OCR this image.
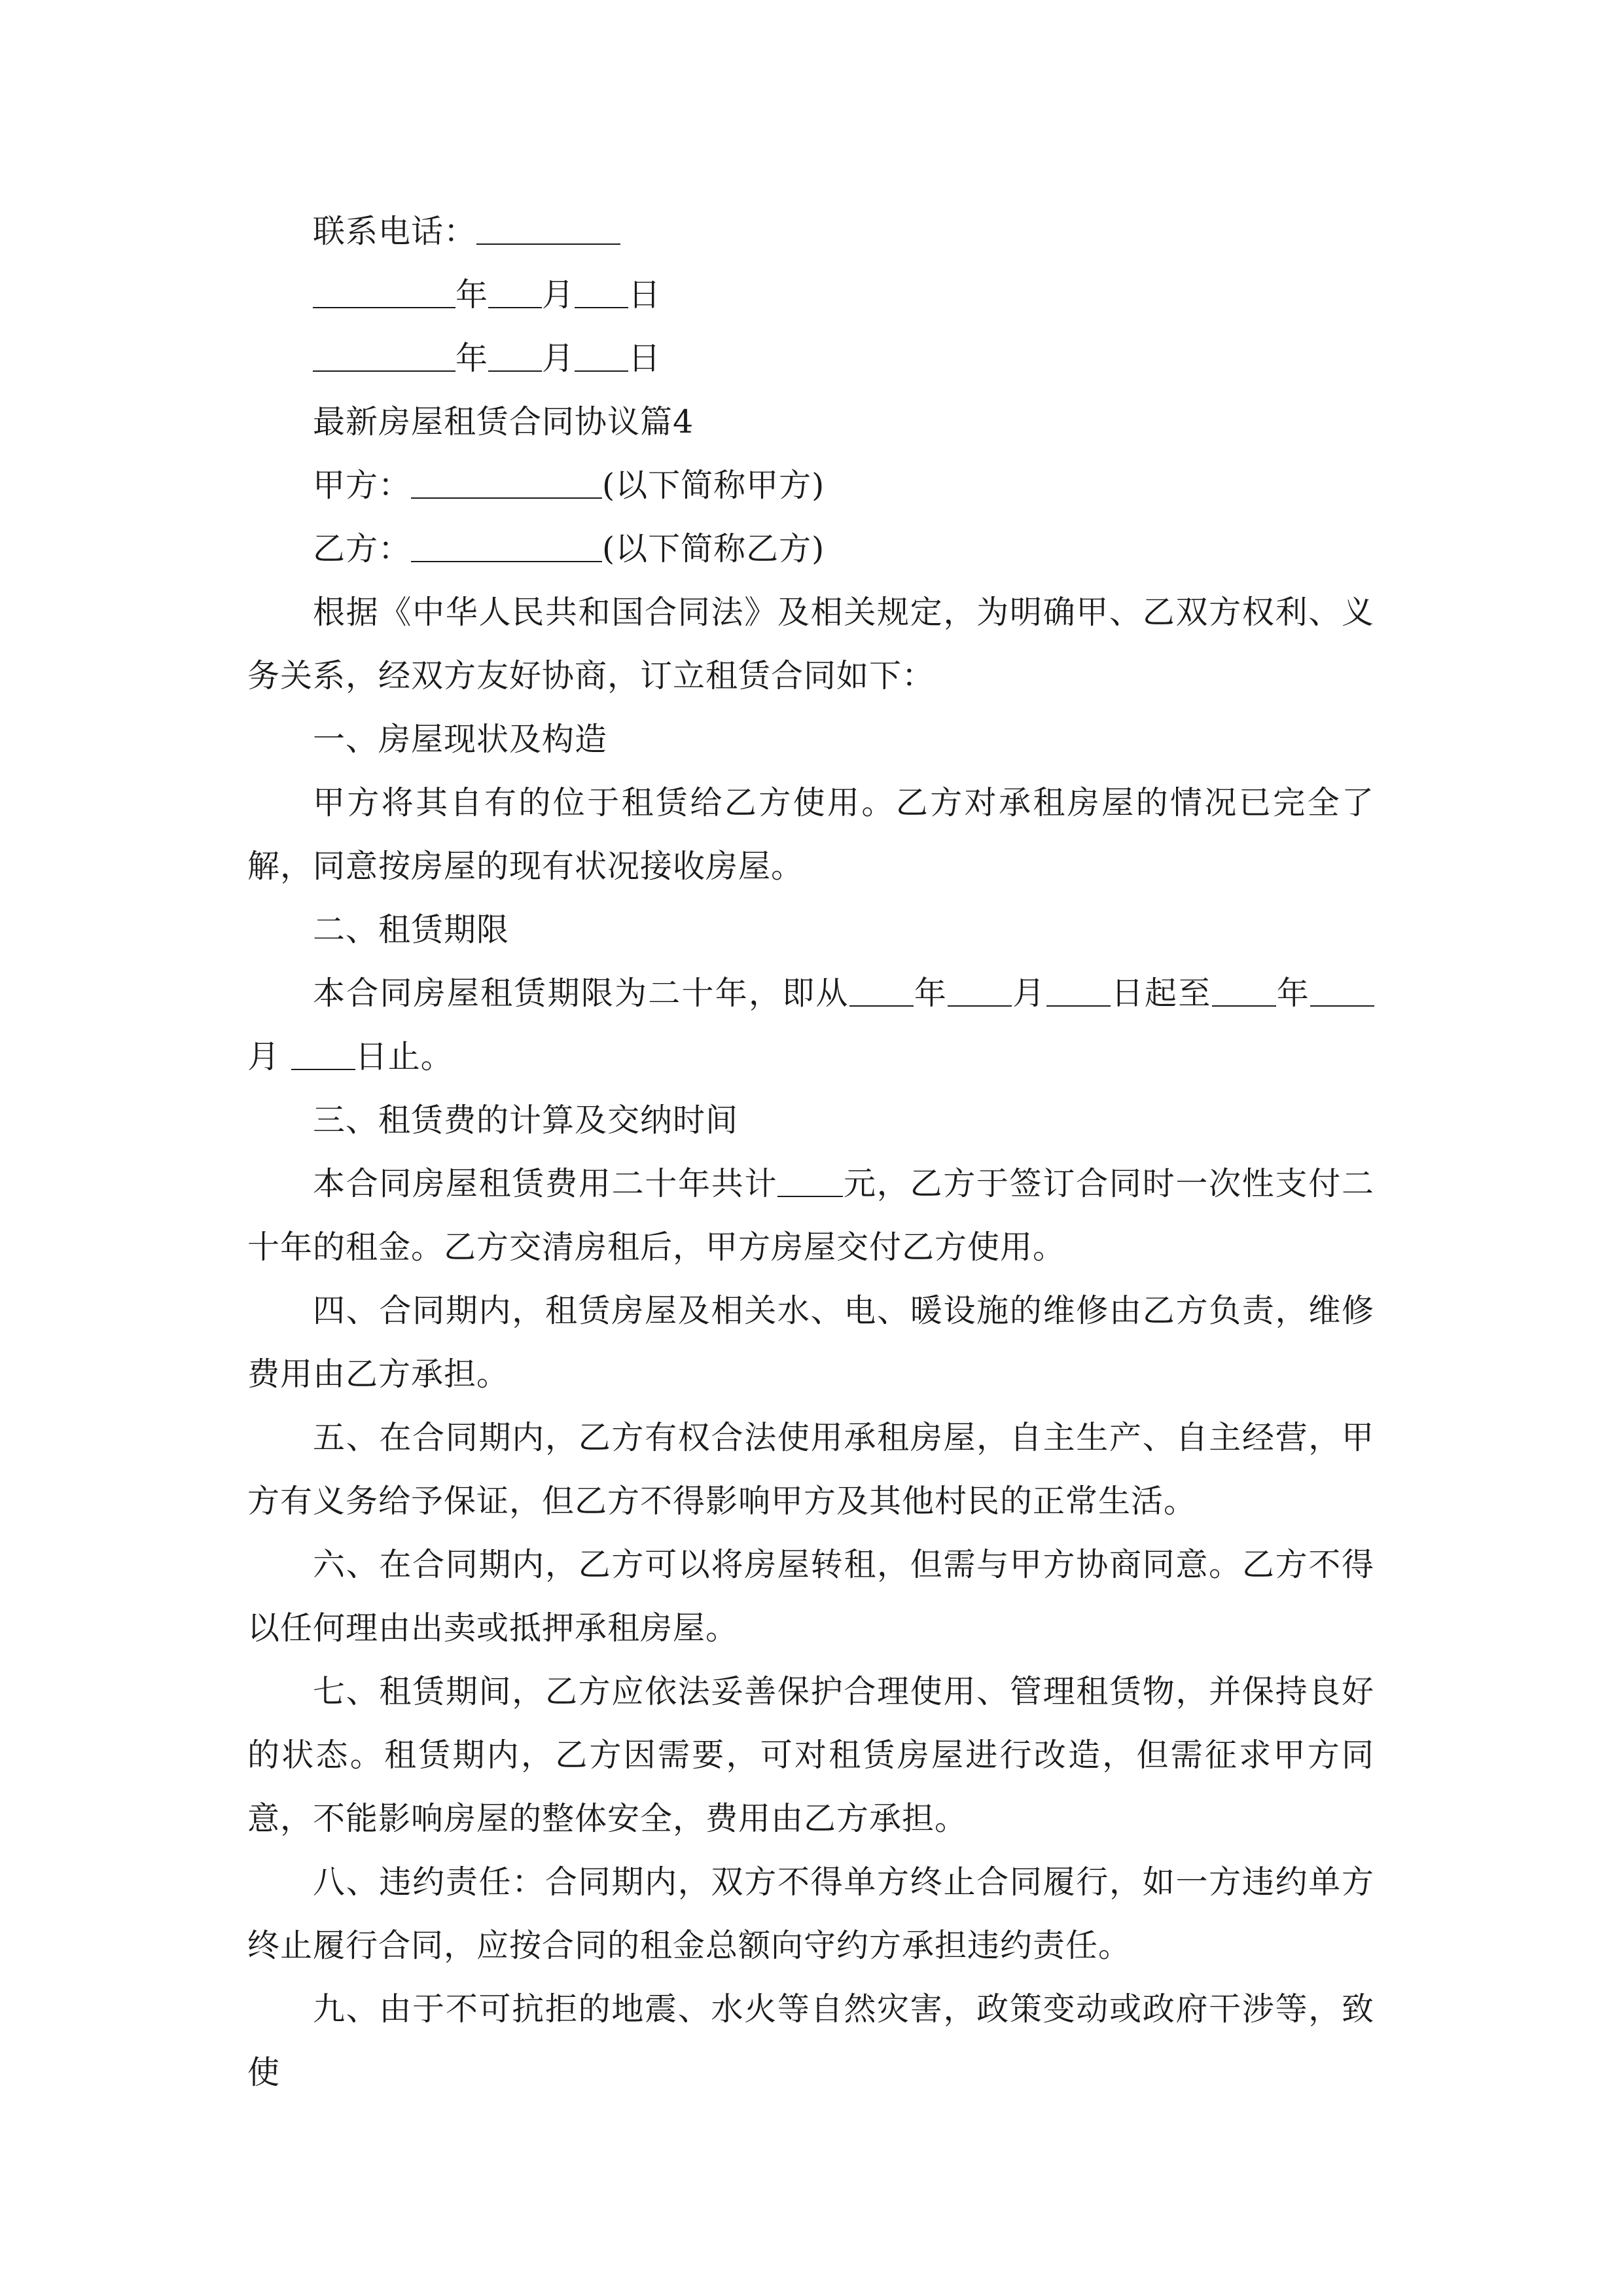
联系电话：
年 月 日
年 月 日
最新房屋租赁合同协议篇4
甲方：	(以下简称甲方)
乙方：	(以下简称乙方)

根据《中华人民共和国合同法》及相关规定，为明确甲、乙双方权利、义务关系，经双方友好协商，订立租赁合同如下：

一、房屋现状及构造

甲方将其自有的位于租赁给乙方使用。乙方对承租房屋的情况已完全了解，同意按房屋的现有状况接收房屋。

二、租赁期限

本合同房屋租赁期限为二十年，即从 年 月 日起至 年月 日止。

三、租赁费的计算及交纳时间

本合同房屋租赁费用二十年共计 元，乙方于签订合同时一次性支付二十年的租金。乙方交清房租后，甲方房屋交付乙方使用。

四、合同期内，租赁房屋及相关水、电、暖设施的维修由乙方负责，维修费用由乙方承担。

五、在合同期内，乙方有权合法使用承租房屋，自主生产、自主经营，甲方有义务给予保证，但乙方不得影响甲方及其他村民的正常生活。

六、在合同期内，乙方可以将房屋转租，但需与甲方协商同意。乙方不得以任何理由出卖或抵押承租房屋。

七、租赁期间，乙方应依法妥善保护合理使用、管理租赁物，并保持良好的状态。租赁期内，乙方因需要，可对租赁房屋进行改造，但需征求甲方同意，不能影响房屋的整体安全，费用由乙方承担。

八、违约责任：合同期内，双方不得单方终止合同履行，如一方违约单方终止履行合同，应按合同的租金总额向守约方承担违约责任。

九、由于不可抗拒的地震、水火等自然灾害，政策变动或政府干涉等，致使
